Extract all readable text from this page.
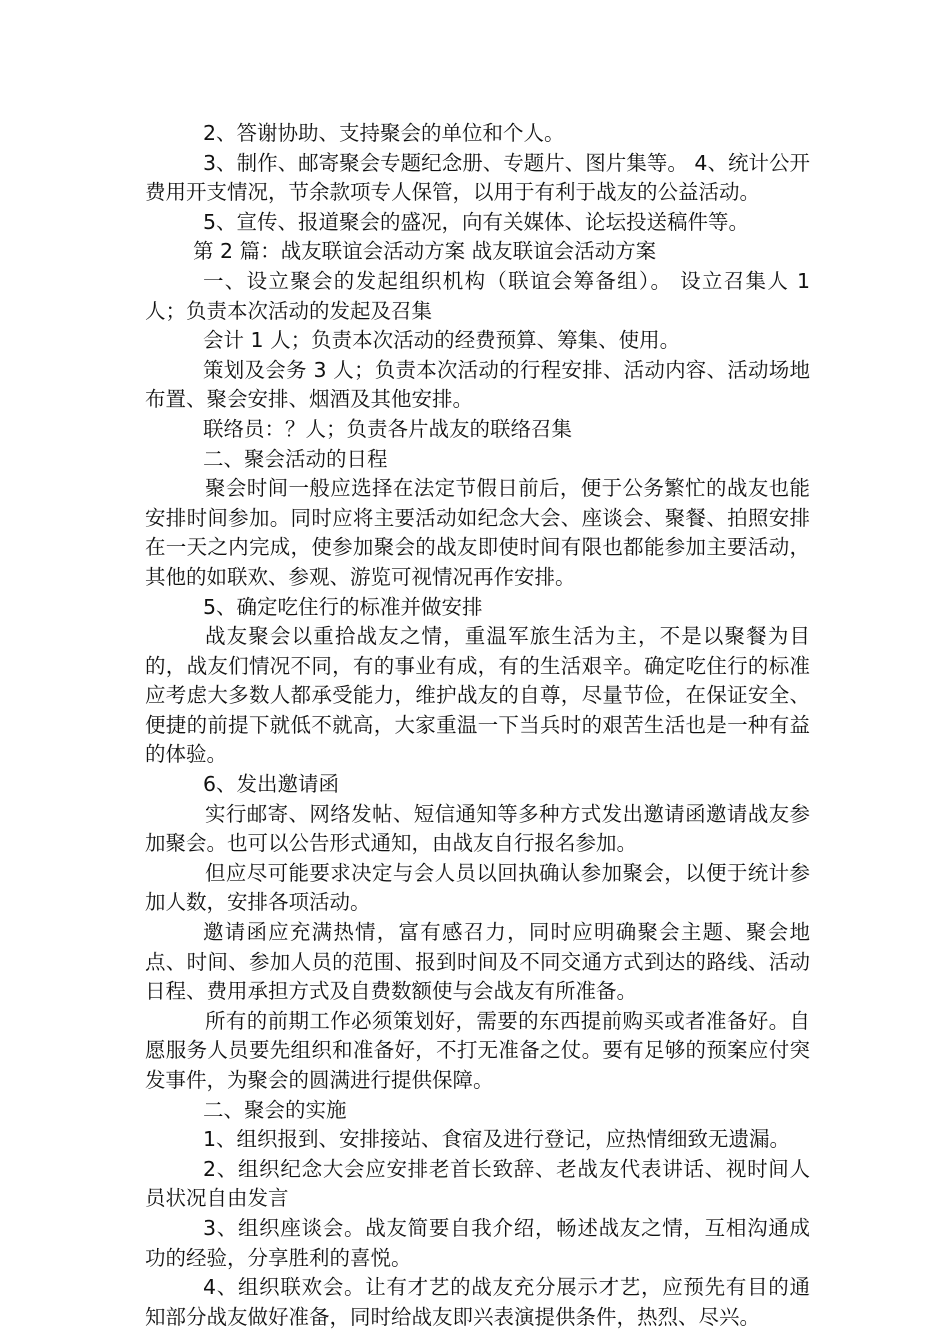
2、答谢协助、支持聚会的单位和个人。

3、制作、邮寄聚会专题纪念册、专题片、图片集等。 4、统计公开费用开支情况，节余款项专人保管，以用于有利于战友的公益活动。

5、宣传、报道聚会的盛况，向有关媒体、论坛投送稿件等。

第 2 篇：战友联谊会活动方案 战友联谊会活动方案

一、设立聚会的发起组织机构（联谊会筹备组）。 设立召集人 1 人；负责本次活动的发起及召集

会计 1 人；负责本次活动的经费预算、筹集、使用。

策划及会务 3 人；负责本次活动的行程安排、活动内容、活动场地布置、聚会安排、烟酒及其他安排。

联络员：？人；负责各片战友的联络召集

二、聚会活动的日程

聚会时间一般应选择在法定节假日前后，便于公务繁忙的战友也能安排时间参加。同时应将主要活动如纪念大会、座谈会、聚餐、拍照安排在一天之内完成，使参加聚会的战友即使时间有限也都能参加主要活动，其他的如联欢、参观、游览可视情况再作安排。

5、确定吃住行的标准并做安排

战友聚会以重拾战友之情，重温军旅生活为主，不是以聚餐为目的，战友们情况不同，有的事业有成，有的生活艰辛。确定吃住行的标准应考虑大多数人都承受能力，维护战友的自尊，尽量节俭，在保证安全、便捷的前提下就低不就高，大家重温一下当兵时的艰苦生活也是一种有益的体验。

6、发出邀请函

实行邮寄、网络发帖、短信通知等多种方式发出邀请函邀请战友参加聚会。也可以公告形式通知，由战友自行报名参加。

但应尽可能要求决定与会人员以回执确认参加聚会，以便于统计参加人数，安排各项活动。

邀请函应充满热情，富有感召力，同时应明确聚会主题、聚会地点、时间、参加人员的范围、报到时间及不同交通方式到达的路线、活动日程、费用承担方式及自费数额使与会战友有所准备。

所有的前期工作必须策划好，需要的东西提前购买或者准备好。自愿服务人员要先组织和准备好，不打无准备之仗。要有足够的预案应付突发事件，为聚会的圆满进行提供保障。

二、聚会的实施

1、组织报到、安排接站、食宿及进行登记，应热情细致无遗漏。

2、组织纪念大会应安排老首长致辞、老战友代表讲话、视时间人员状况自由发言

3、组织座谈会。战友简要自我介绍，畅述战友之情，互相沟通成功的经验，分享胜利的喜悦。

4、组织联欢会。让有才艺的战友充分展示才艺，应预先有目的通知部分战友做好准备，同时给战友即兴表演提供条件，热烈、尽兴。
